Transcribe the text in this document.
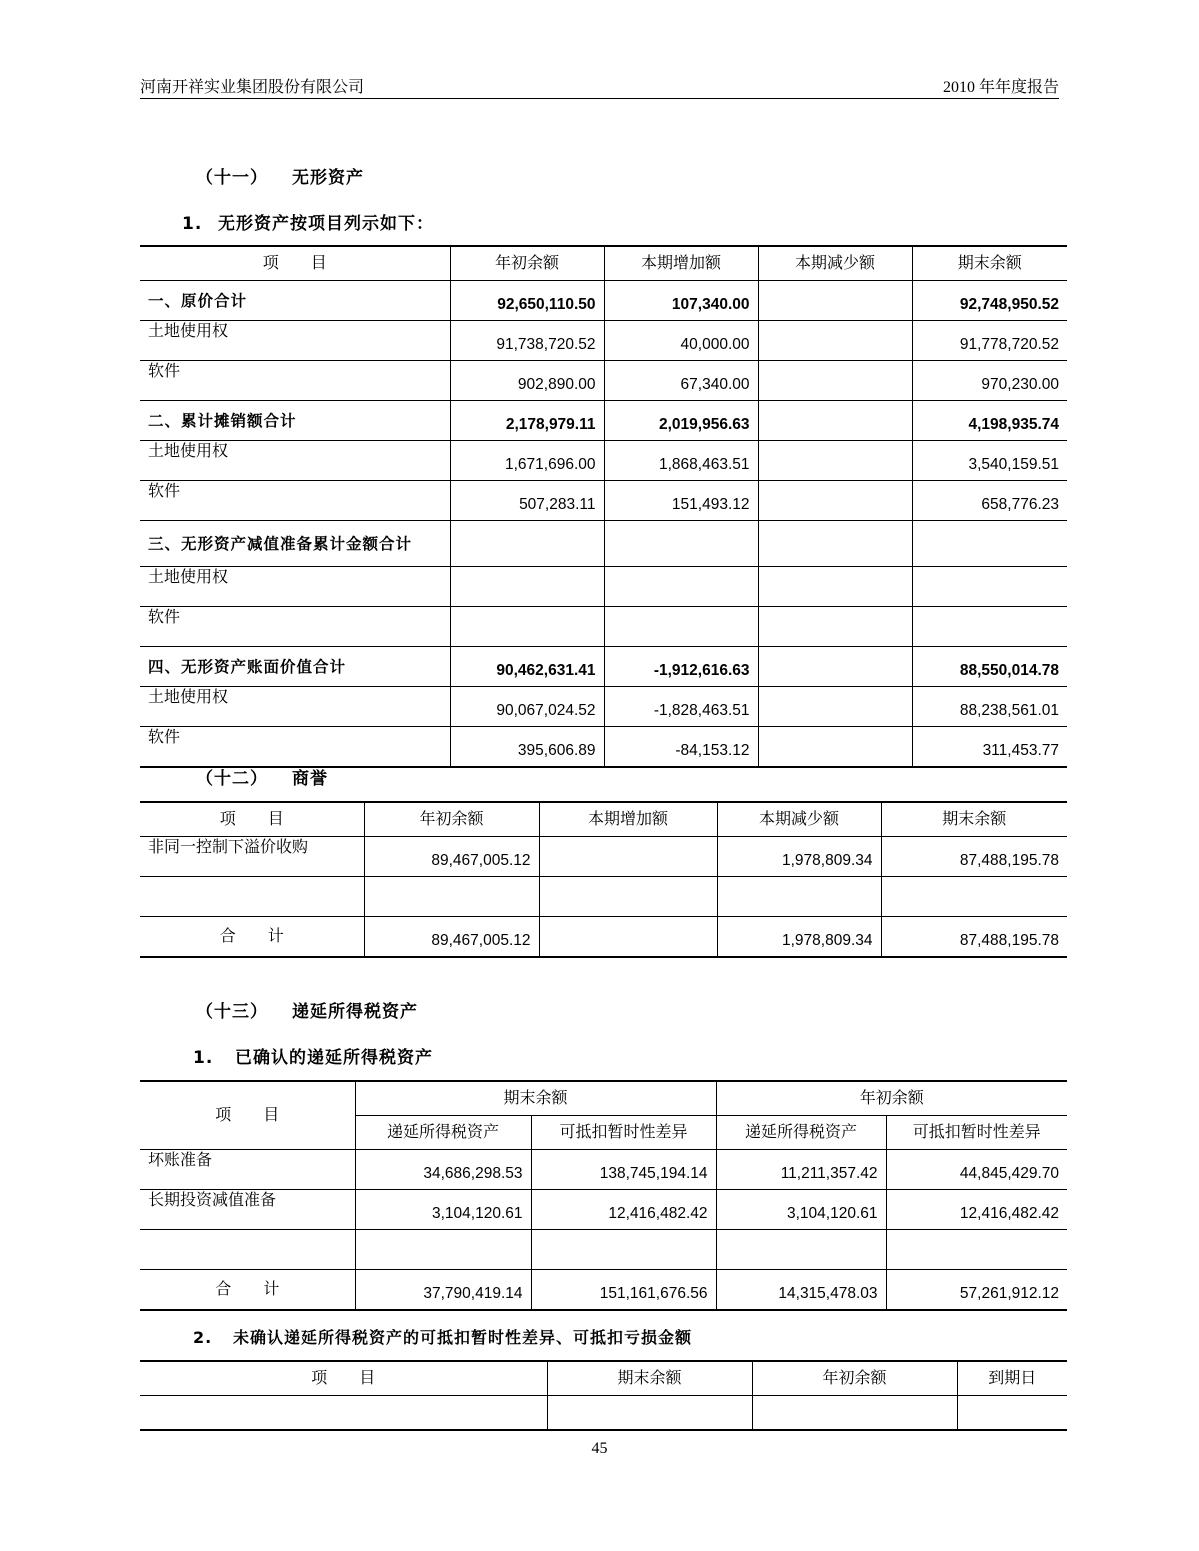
河南开祥实业集团股份有限公司	2010 年年度报告
（十一） 无形资产
1. 无形资产按项目列示如下：
项　　目	年初余额	本期增加额	本期减少额	期末余额
一、原价合计	92,650,110.50	107,340.00		92,748,950.52
土地使用权	91,738,720.52	40,000.00		91,778,720.52
软件	902,890.00	67,340.00		970,230.00
二、累计摊销额合计	2,178,979.11	2,019,956.63		4,198,935.74
土地使用权	1,671,696.00	1,868,463.51		3,540,159.51
软件	507,283.11	151,493.12		658,776.23
三、无形资产减值准备累计金额合计				
土地使用权				
软件				
四、无形资产账面价值合计	90,462,631.41	-1,912,616.63		88,550,014.78
土地使用权	90,067,024.52	-1,828,463.51		88,238,561.01
软件	395,606.89	-84,153.12		311,453.77
（十二） 商誉
项　　目	年初余额	本期增加额	本期减少额	期末余额
非同一控制下溢价收购	89,467,005.12		1,978,809.34	87,488,195.78

合　　计	89,467,005.12		1,978,809.34	87,488,195.78
（十三） 递延所得税资产
1. 已确认的递延所得税资产
项　　目	期末余额		年初余额	
	递延所得税资产	可抵扣暂时性差异	递延所得税资产	可抵扣暂时性差异
坏账准备	34,686,298.53	138,745,194.14	11,211,357.42	44,845,429.70
长期投资减值准备	3,104,120.61	12,416,482.42	3,104,120.61	12,416,482.42

合　　计	37,790,419.14	151,161,676.56	14,315,478.03	57,261,912.12
2. 未确认递延所得税资产的可抵扣暂时性差异、可抵扣亏损金额
项　　目	期末余额	年初余额	到期日

45
